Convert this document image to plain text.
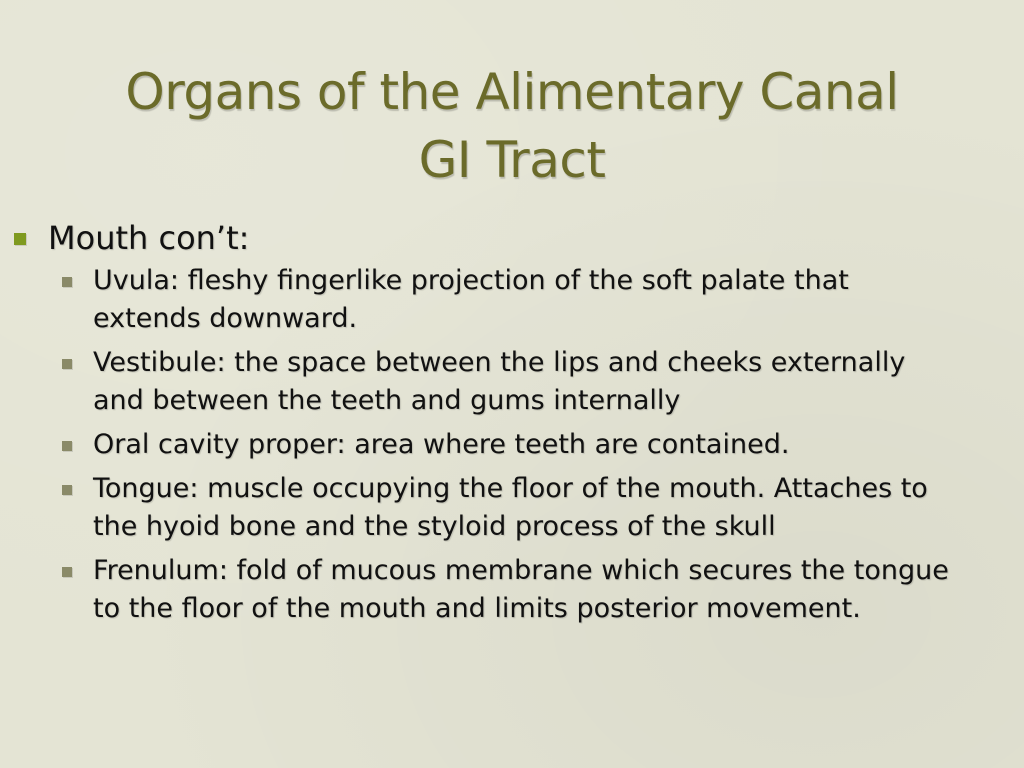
Organs of the Alimentary Canal
GI Tract
Mouth con’t:
Uvula: fleshy fingerlike projection of the soft palate that extends downward.
Vestibule: the space between the lips and cheeks externally and between the teeth and gums internally
Oral cavity proper: area where teeth are contained.
Tongue: muscle occupying the floor of the mouth. Attaches to the hyoid bone and the styloid process of the skull
Frenulum: fold of mucous membrane which secures the tongue to the floor of the mouth and limits posterior movement.
